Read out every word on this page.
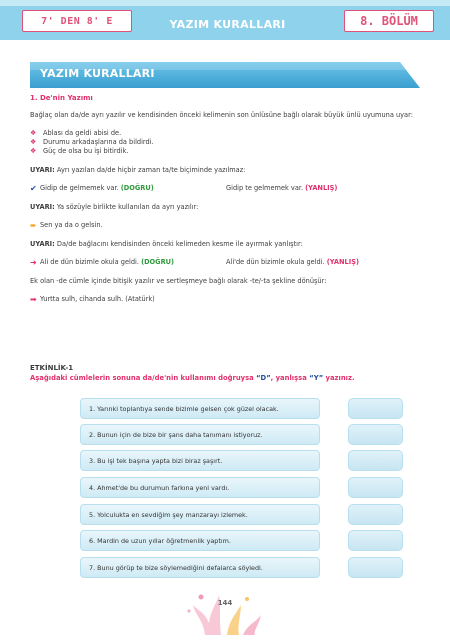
7' DEN 8' E	YAZIM KURALLARI	8. BÖLÜM
YAZIM KURALLARI
1. De'nin Yazımı
Bağlaç olan da/de ayrı yazılır ve kendisinden önceki kelimenin son ünlüsüne bağlı olarak büyük ünlü uyumuna uyar:
❖ Ablası da geldi abisi de.
❖ Durumu arkadaşlarına da bildirdi.
❖ Güç de olsa bu işi bitirdik.
UYARI: Ayrı yazılan da/de hiçbir zaman ta/te biçiminde yazılmaz:
✔ Gidip de gelmemek var. (DOĞRU)	Gidip te gelmemek var. (YANLIŞ)
UYARI: Ya sözüyle birlikte kullanılan da ayrı yazılır:
➨ Sen ya da o gelsin.
UYARI: Da/de bağlacını kendisinden önceki kelimeden kesme ile ayırmak yanlıştır:
➜ Ali de dün bizimle okula geldi. (DOĞRU)	Ali'de dün bizimle okula geldi. (YANLIŞ)
Ek olan -de cümle içinde bitişik yazılır ve sertleşmeye bağlı olarak -te/-ta şekline dönüşür:
➡ Yurtta sulh, cihanda sulh. (Atatürk)
ETKİNLİK-1
Aşağıdaki cümlelerin sonuna da/de'nin kullanımı doğruysa “D”, yanlışsa “Y” yazınız.
1. Yarınki toplantıya sende bizimle gelsen çok güzel olacak.
2. Bunun için de bize bir şans daha tanımanı istiyoruz.
3. Bu işi tek başına yapta bizi biraz şaşırt.
4. Ahmet'de bu durumun farkına yeni vardı.
5. Yolculukta en sevdiğim şey manzarayı izlemek.
6. Mardin de uzun yıllar öğretmenlik yaptım.
7. Bunu görüp te bize söylemediğini defalarca söyledi.
144
